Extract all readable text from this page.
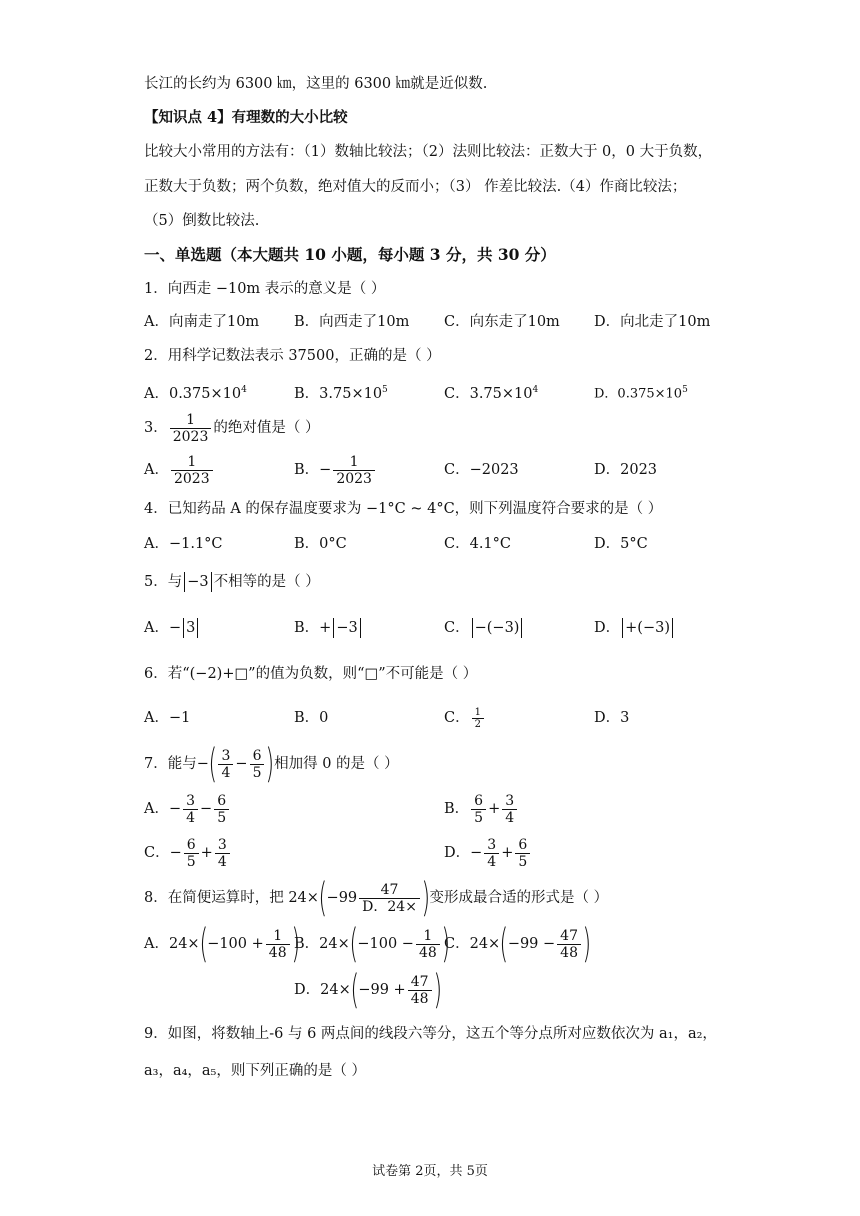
长江的长约为 6300 ㎞，这里的 6300 ㎞就是近似数.
【知识点 4】有理数的大小比较
比较大小常用的方法有：（1）数轴比较法；（2）法则比较法：正数大于 0，0 大于负数，
正数大于负数；两个负数，绝对值大的反而小；（3） 作差比较法.（4）作商比较法；
（5）倒数比较法.
一、单选题（本大题共 10 小题，每小题 3 分，共 30 分）
1．向西走 −10m 表示的意义是（ ）
A．向南走了10m B．向西走了10m C．向东走了10m D．向北走了10m
2．用科学记数法表示 37500，正确的是（ ）
A．$0.375\times 10^4$	B．$3.75\times 10^5$	C．$3.75\times 10^4$	D．$0.375\times 10^5$
3． $\frac{1}{2023}$ 的绝对值是（ ）
A． $\frac{1}{2023}$	B．− $\frac{1}{2023}$	C．−2023	D．2023
4．已知药品 A 的保存温度要求为 −1°C ~ 4°C，则下列温度符合要求的是（ ）
A．−1.1°C	B．0°C	C．4.1°C	D．5°C
5．与 −3 不相等的是（ ）
A．− 3	B．+ −3	C． −(−3)	D． +(−3)
6．若“(−2)+□”的值为负数，则“□”不可能是（ ）
A．−1	B．0	C． $\frac{1}{2}$	D．3
7．能与−( $\frac{3}{4} - \frac{6}{5}$ )相加得 0 的是（ ）
A．− $\frac{3}{4} - \frac{6}{5}$	B． $\frac{6}{5} + \frac{3}{4}$
C．− $\frac{6}{5} + \frac{3}{4}$	D．− $\frac{3}{4} + \frac{6}{5}$
8．在简便运算时，把 $24\times(-99 \frac{47}{D.24\times}$ )变形成最合适的形式是（ ）
A．$24\times(-100 + \frac{1}{48}$ )
B．$24\times(-100 - \frac{1}{48}$ )
C．$24\times(-99 - \frac{47}{48}$ )
D．$24\times(-99 + \frac{47}{48}$ )
9．如图，将数轴上-6 与 6 两点间的线段六等分，这五个等分点所对应数依次为 a₁，a₂，
a₃，a₄，a₅，则下列正确的是（ ）
试卷第 2页，共 5页
